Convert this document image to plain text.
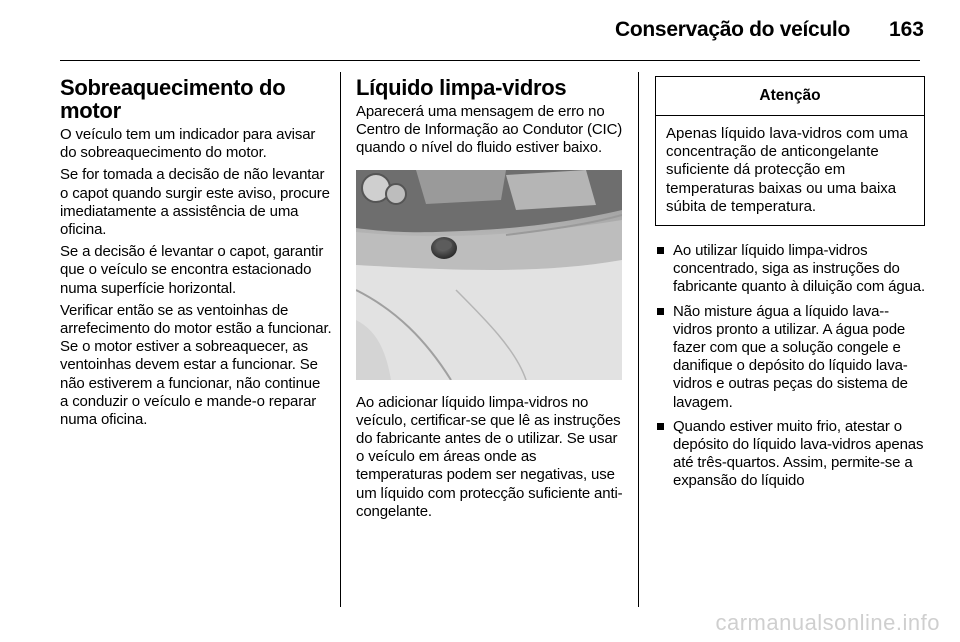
Conservação do veículo	163
Sobreaquecimento do motor

O veículo tem um indicador para avisar do sobreaquecimento do motor.

Se for tomada a decisão de não levantar o capot quando surgir este aviso, procure imediatamente a assistência de uma oficina.

Se a decisão é levantar o capot, garantir que o veículo se encontra estacionado numa superfície horizontal.

Verificar então se as ventoinhas de arrefecimento do motor estão a funcionar. Se o motor estiver a sobreaquecer, as ventoinhas devem estar a funcionar. Se não estiverem a funcionar, não continue a conduzir o veículo e mande-o reparar numa oficina.

Líquido limpa-vidros

Aparecerá uma mensagem de erro no Centro de Informação ao Condutor (CIC) quando o nível do fluido estiver baixo.

Ao adicionar líquido limpa-vidros no veículo, certificar-se que lê as instruções do fabricante antes de o utilizar. Se usar o veículo em áreas onde as temperaturas podem ser negativas, use um líquido com protecção suficiente anti-congelante.

Atenção
Apenas líquido lava-vidros com uma concentração de anticongelante suficiente dá protecção em temperaturas baixas ou uma baixa súbita de temperatura.
Ao utilizar líquido limpa-vidros concentrado, siga as instruções do fabricante quanto à diluição com água.
Não misture água a líquido lava--vidros pronto a utilizar. A água pode fazer com que a solução congele e danifique o depósito do líquido lava-vidros e outras peças do sistema de lavagem.
Quando estiver muito frio, atestar o depósito do líquido lava-vidros apenas até três-quartos. Assim, permite-se a expansão do líquido
carmanualsonline.info
